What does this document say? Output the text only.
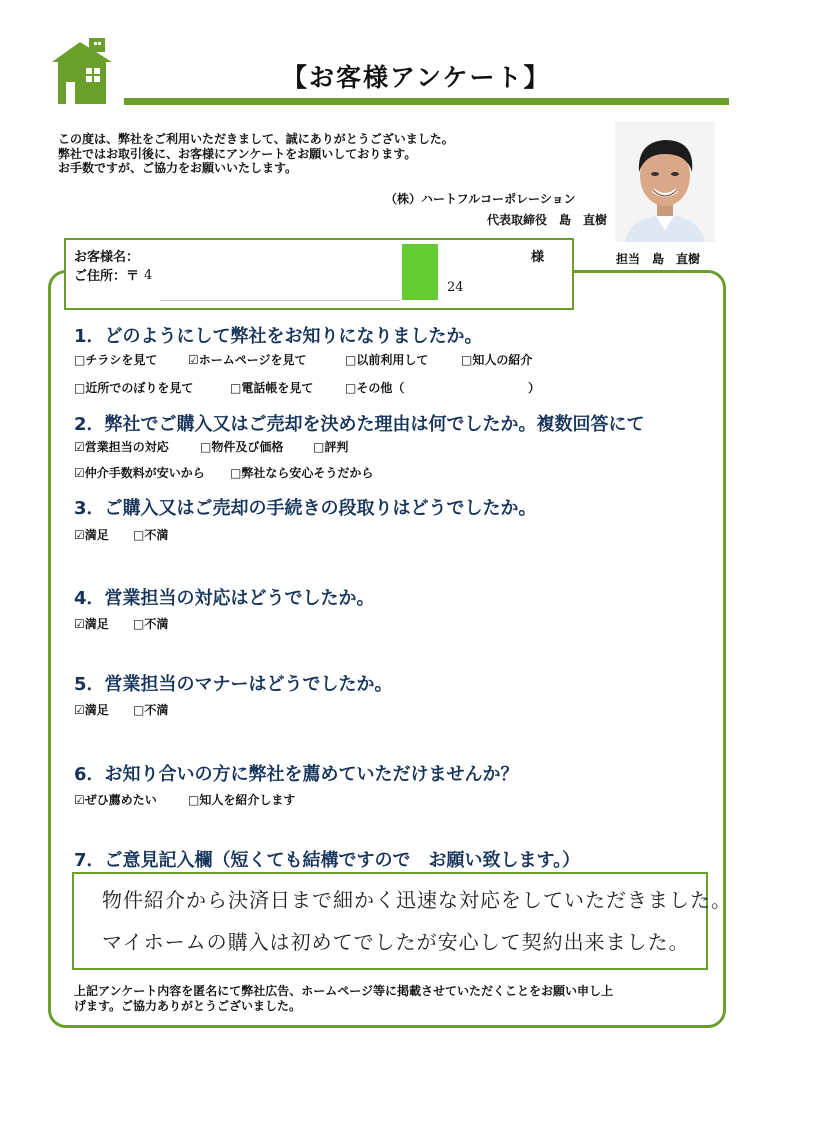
【お客様アンケート】
この度は、弊社をご利用いただきまして、誠にありがとうございました。
弊社ではお取引後に、お客様にアンケートをお願いしております。
お手数ですが、ご協力をお願いいたします。
（株）ハートフルコーポレーション
代表取締役　島　直樹
担当　島　直樹
お客様名：
ご住所：〒
様
4
24
1．どのようにして弊社をお知りになりましたか。
□チラシを見て	☑ホームページを見て	□以前利用して	□知人の紹介
□近所でのぼりを見て	□電話帳を見て	□その他（	）
2．弊社でご購入又はご売却を決めた理由は何でしたか。複数回答にて
☑営業担当の対応	□物件及び価格 □評判
☑仲介手数料が安いから □弊社なら安心そうだから
3．ご購入又はご売却の手続きの段取りはどうでしたか。
☑満足 □不満
4．営業担当の対応はどうでしたか。
☑満足 □不満
5．営業担当のマナーはどうでしたか。
☑満足 □不満
6．お知り合いの方に弊社を薦めていただけませんか？
☑ぜひ薦めたい	□知人を紹介します
7．ご意見記入欄（短くても結構ですので　お願い致します。）
物件紹介から決済日まで細かく迅速な対応をしていただきました。
マイホームの購入は初めてでしたが安心して契約出来ました。
上記アンケート内容を匿名にて弊社広告、ホームページ等に掲載させていただくことをお願い申し上
げます。ご協力ありがとうございました。
